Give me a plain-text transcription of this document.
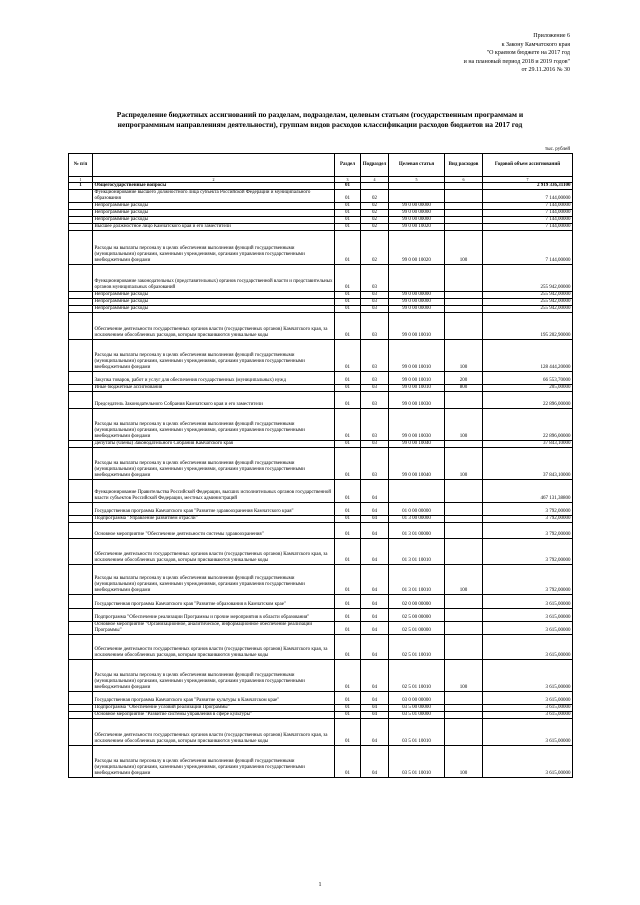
Приложение 6
к Закону Камчатского края
"О краевом бюджете на 2017 год
и на плановый период 2018 и 2019 годов"
от 29.11.2016 № 30
Распределение бюджетных ассигнований по разделам, подразделам, целевым статьям (государственным программам и
непрограммным направлениям деятельности), группам видов расходов классификации расходов бюджетов на 2017 год
тыс. рублей
№ п/п		Раздел	Подраздел	Целевая статья	Вид расходов	Годовой объем ассигнований
1	2	3	4	5	6	7
1	Общегосударственные вопросы	01				2 919 336,31100
	Функционирование высшего должностного лица субъекта Российской Федерации и муниципального образования	01	02			7 144,00000
	Непрограммные расходы	01	02	99 0 00 00000		7 144,00000
	Непрограммные расходы	01	02	99 0 00 00000		7 144,00000
	Непрограммные расходы	01	02	99 0 00 00000		7 144,00000
	Высшее должностное лицо Камчатского края и его заместители	01	02	99 0 00 10020		7 144,00000
	Расходы на выплаты персоналу в целях обеспечения выполнения функций государственными (муниципальными) органами, казенными учреждениями, органами управления государственными внебюджетными фондами	01	02	99 0 00 10020	100	7 144,00000
	Функционирование законодательных (представительных) органов государственной власти и представительных органов муниципальных образований	01	03			255 942,00000
	Непрограммные расходы	01	03	99 0 00 00000		255 942,00000
	Непрограммные расходы	01	03	99 0 00 00000		255 942,00000
	Непрограммные расходы	01	03	99 0 00 00000		255 942,00000
	Обеспечение деятельности государственных органов власти (государственных органов) Камчатского края, за исключением обособленных расходов, которым присваиваются уникальные коды	01	03	99 0 00 10010		195 202,90000
	Расходы на выплаты персоналу в целях обеспечения выполнения функций государственными (муниципальными) органами, казенными учреждениями, органами управления государственными внебюджетными фондами	01	03	99 0 00 10010	100	128 444,20000
	Закупка товаров, работ и услуг для обеспечения государственных (муниципальных) нужд	01	03	99 0 00 10010	200	66 553,70000
	Иные бюджетные ассигнования	01	03	99 0 00 10010	800	205,00000
	Председатель Законодательного Собрания Камчатского края и его заместители	01	03	99 0 00 10030		22 896,00000
	Расходы на выплаты персоналу в целях обеспечения выполнения функций государственными (муниципальными) органами, казенными учреждениями, органами управления государственными внебюджетными фондами	01	03	99 0 00 10030	100	22 896,00000
	Депутаты (члены) Законодательного Собрания Камчатского края	01	03	99 0 00 10040		37 843,10000
	Расходы на выплаты персоналу в целях обеспечения выполнения функций государственными (муниципальными) органами, казенными учреждениями, органами управления государственными внебюджетными фондами	01	03	99 0 00 10040	100	37 843,10000
	Функционирование Правительства Российской Федерации, высших исполнительных органов государственной власти субъектов Российской Федерации, местных администраций	01	04			467 131,38800
	Государственная программа Камчатского края "Развитие здравоохранения Камчатского края"	01	04	01 0 00 00000		3 792,00000
	Подпрограмма "Управление развитием отрасли"	01	04	01 3 00 00000		3 792,00000
	Основное мероприятие "Обеспечение деятельности системы здравоохранения"	01	04	01 3 01 00000		3 792,00000
	Обеспечение деятельности государственных органов власти (государственных органов) Камчатского края, за исключением обособленных расходов, которым присваиваются уникальные коды	01	04	01 3 01 10010		3 792,00000
	Расходы на выплаты персоналу в целях обеспечения выполнения функций государственными (муниципальными) органами, казенными учреждениями, органами управления государственными внебюджетными фондами	01	04	01 3 01 10010	100	3 792,00000
	Государственная программа Камчатского края "Развитие образования в Камчатском крае"	01	04	02 0 00 00000		3 615,00000
	Подпрограмма "Обеспечение реализации Программы и прочие мероприятия в области образования"	01	04	02 5 00 00000		3 615,00000
	Основное мероприятие "Организационное, аналитическое, информационное обеспечение реализации Программы"	01	04	02 5 01 00000		3 615,00000
	Обеспечение деятельности государственных органов власти (государственных органов) Камчатского края, за исключением обособленных расходов, которым присваиваются уникальные коды	01	04	02 5 01 10010		3 615,00000
	Расходы на выплаты персоналу в целях обеспечения выполнения функций государственными (муниципальными) органами, казенными учреждениями, органами управления государственными внебюджетными фондами	01	04	02 5 01 10010	100	3 615,00000
	Государственная программа Камчатского края "Развитие культуры в Камчатском крае"	01	04	03 0 00 00000		3 615,00000
	Подпрограмма "Обеспечение условий реализации Программы"	01	04	03 5 00 00000		3 615,00000
	Основное мероприятие "Развитие системы управления в сфере культуры"	01	04	03 5 01 00000		3 615,00000
	Обеспечение деятельности государственных органов власти (государственных органов) Камчатского края, за исключением обособленных расходов, которым присваиваются уникальные коды	01	04	03 5 01 10010		3 615,00000
	Расходы на выплаты персоналу в целях обеспечения выполнения функций государственными (муниципальными) органами, казенными учреждениями, органами управления государственными внебюджетными фондами	01	04	03 5 01 10010	100	3 615,00000
1
